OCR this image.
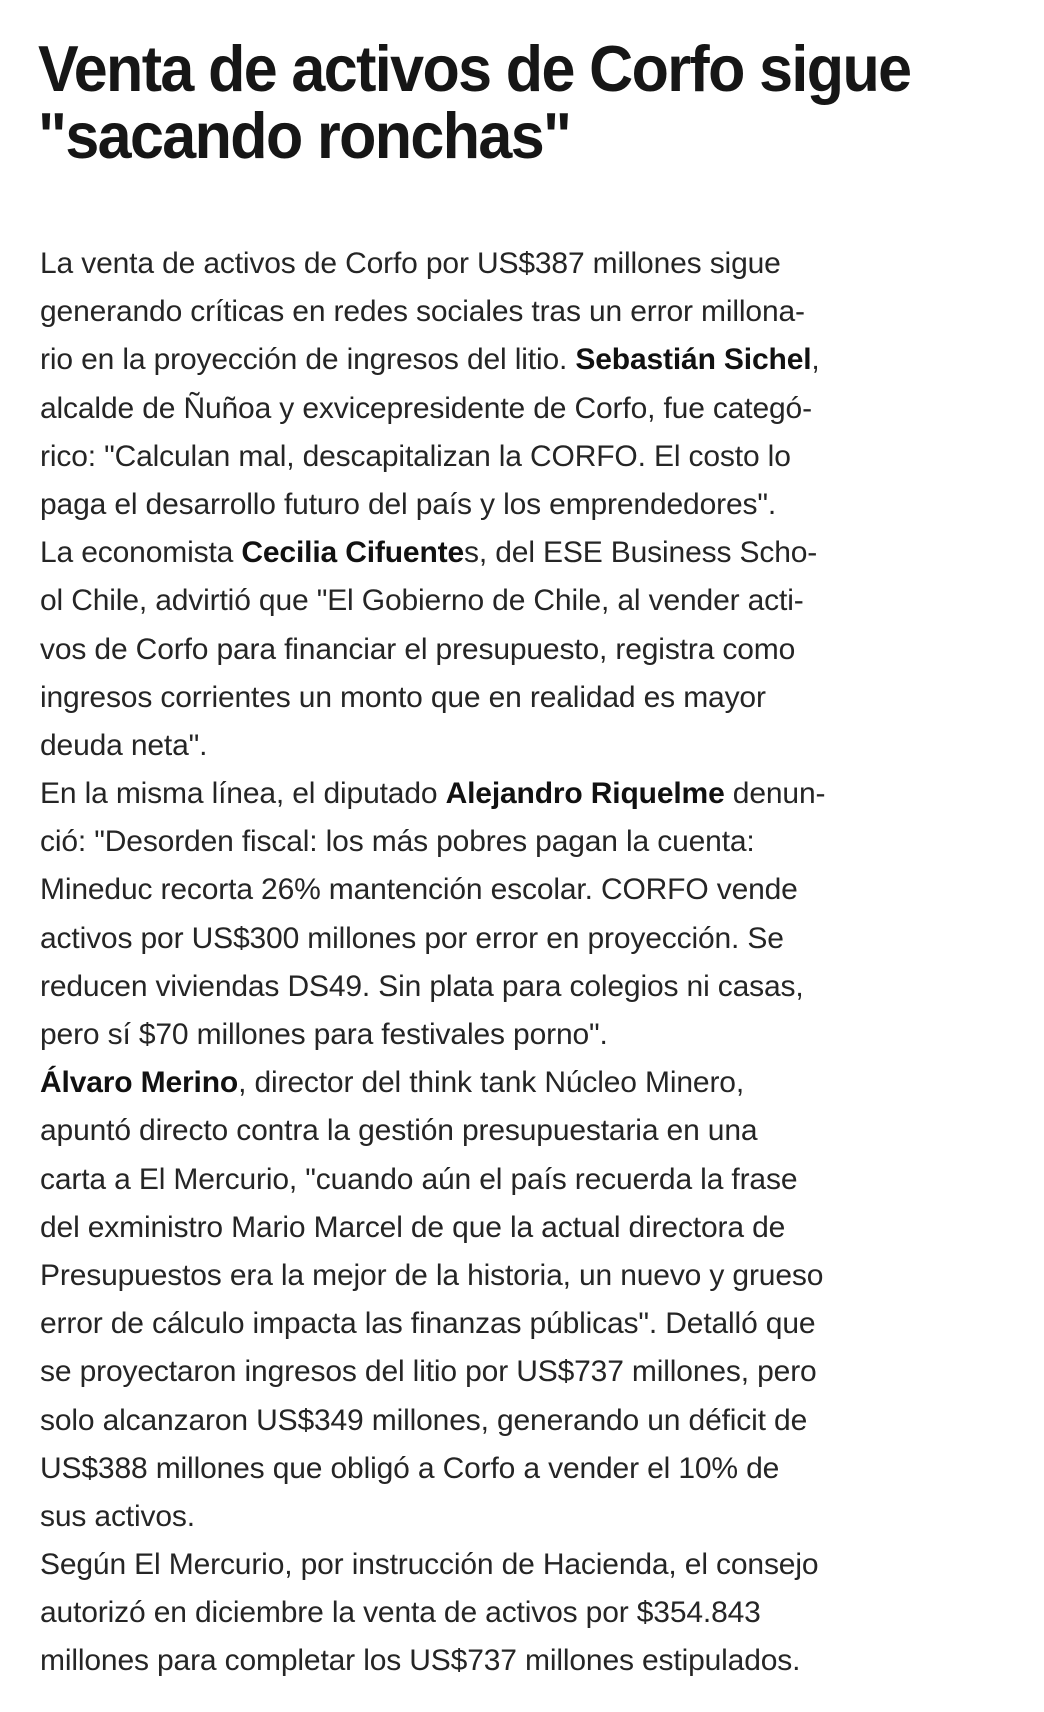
Venta de activos de Corfo sigue
"sacando ronchas"
La venta de activos de Corfo por US$387 millones sigue
generando críticas en redes sociales tras un error millona-
rio en la proyección de ingresos del litio. Sebastián Sichel,
alcalde de Ñuñoa y exvicepresidente de Corfo, fue categó-
rico: "Calculan mal, descapitalizan la CORFO. El costo lo
paga el desarrollo futuro del país y los emprendedores".
La economista Cecilia Cifuentes, del ESE Business Scho-
ol Chile, advirtió que "El Gobierno de Chile, al vender acti-
vos de Corfo para financiar el presupuesto, registra como
ingresos corrientes un monto que en realidad es mayor
deuda neta".
En la misma línea, el diputado Alejandro Riquelme denun-
ció: "Desorden fiscal: los más pobres pagan la cuenta:
Mineduc recorta 26% mantención escolar. CORFO vende
activos por US$300 millones por error en proyección. Se
reducen viviendas DS49. Sin plata para colegios ni casas,
pero sí $70 millones para festivales porno".
Álvaro Merino, director del think tank Núcleo Minero,
apuntó directo contra la gestión presupuestaria en una
carta a El Mercurio, "cuando aún el país recuerda la frase
del exministro Mario Marcel de que la actual directora de
Presupuestos era la mejor de la historia, un nuevo y grueso
error de cálculo impacta las finanzas públicas". Detalló que
se proyectaron ingresos del litio por US$737 millones, pero
solo alcanzaron US$349 millones, generando un déficit de
US$388 millones que obligó a Corfo a vender el 10% de
sus activos.
Según El Mercurio, por instrucción de Hacienda, el consejo
autorizó en diciembre la venta de activos por $354.843
millones para completar los US$737 millones estipulados.
